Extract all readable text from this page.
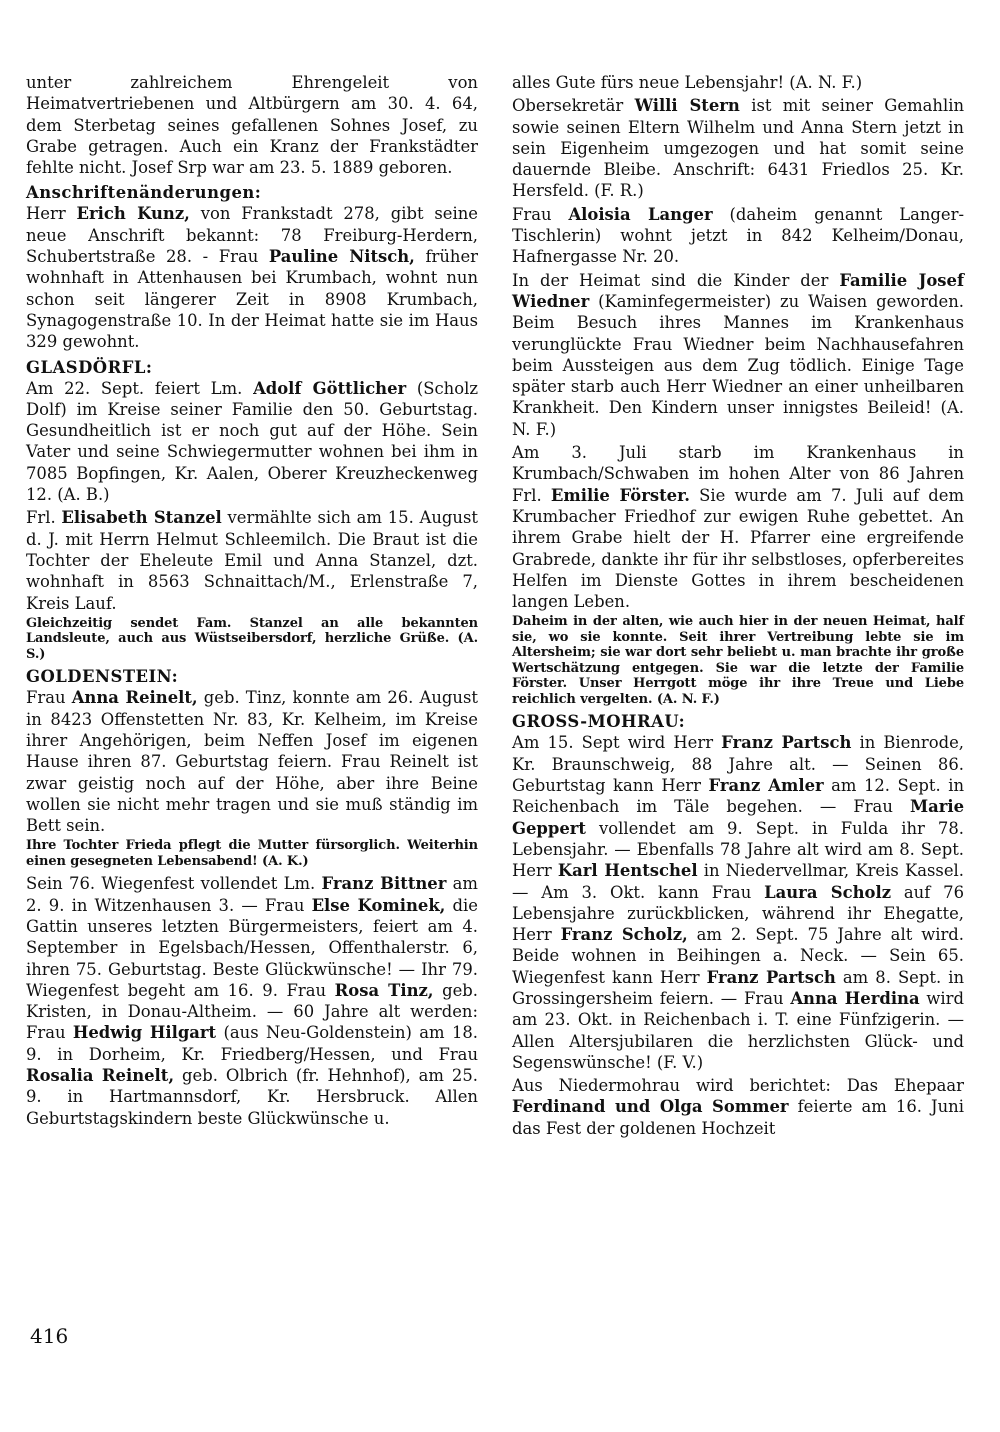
unter zahlreichem Ehrengeleit von Heimatvertriebenen und Altbürgern am 30. 4. 64, dem Sterbetag seines gefallenen Sohnes Josef, zu Grabe getragen. Auch ein Kranz der Frankstädter fehlte nicht. Josef Srp war am 23. 5. 1889 geboren.

Anschriftenänderungen:

Herr Erich Kunz, von Frankstadt 278, gibt seine neue Anschrift bekannt: 78 Freiburg-Herdern, Schubertstraße 28. - Frau Pauline Nitsch, früher wohnhaft in Attenhausen bei Krumbach, wohnt nun schon seit längerer Zeit in 8908 Krumbach, Synagogenstraße 10. In der Heimat hatte sie im Haus 329 gewohnt.

GLASDÖRFL:

Am 22. Sept. feiert Lm. Adolf Göttlicher (Scholz Dolf) im Kreise seiner Familie den 50. Geburtstag. Gesundheitlich ist er noch gut auf der Höhe. Sein Vater und seine Schwiegermutter wohnen bei ihm in 7085 Bopfingen, Kr. Aalen, Oberer Kreuzheckenweg 12. (A. B.)

Frl. Elisabeth Stanzel vermählte sich am 15. August d. J. mit Herrn Helmut Schleemilch. Die Braut ist die Tochter der Eheleute Emil und Anna Stanzel, dzt. wohnhaft in 8563 Schnaittach/M., Erlenstraße 7, Kreis Lauf.

Gleichzeitig sendet Fam. Stanzel an alle bekannten Landsleute, auch aus Wüstseibersdorf, herzliche Grüße. (A. S.)

GOLDENSTEIN:

Frau Anna Reinelt, geb. Tinz, konnte am 26. August in 8423 Offenstetten Nr. 83, Kr. Kelheim, im Kreise ihrer Angehörigen, beim Neffen Josef im eigenen Hause ihren 87. Geburtstag feiern. Frau Reinelt ist zwar geistig noch auf der Höhe, aber ihre Beine wollen sie nicht mehr tragen und sie muß ständig im Bett sein.

Ihre Tochter Frieda pflegt die Mutter fürsorglich. Weiterhin einen gesegneten Lebensabend! (A. K.)

Sein 76. Wiegenfest vollendet Lm. Franz Bittner am 2. 9. in Witzenhausen 3. — Frau Else Kominek, die Gattin unseres letzten Bürgermeisters, feiert am 4. September in Egelsbach/Hessen, Offenthalerstr. 6, ihren 75. Geburtstag. Beste Glückwünsche! — Ihr 79. Wiegenfest begeht am 16. 9. Frau Rosa Tinz, geb. Kristen, in Donau-Altheim. — 60 Jahre alt werden: Frau Hedwig Hilgart (aus Neu-Goldenstein) am 18. 9. in Dorheim, Kr. Friedberg/Hessen, und Frau Rosalia Reinelt, geb. Olbrich (fr. Hehnhof), am 25. 9. in Hartmannsdorf, Kr. Hersbruck. Allen Geburtstagskindern beste Glückwünsche u.

alles Gute fürs neue Lebensjahr! (A. N. F.)

Obersekretär Willi Stern ist mit seiner Gemahlin sowie seinen Eltern Wilhelm und Anna Stern jetzt in sein Eigenheim umgezogen und hat somit seine dauernde Bleibe. Anschrift: 6431 Friedlos 25. Kr. Hersfeld. (F. R.)

Frau Aloisia Langer (daheim genannt Langer-Tischlerin) wohnt jetzt in 842 Kelheim/Donau, Hafnergasse Nr. 20.

In der Heimat sind die Kinder der Familie Josef Wiedner (Kaminfegermeister) zu Waisen geworden. Beim Besuch ihres Mannes im Krankenhaus verunglückte Frau Wiedner beim Nachhausefahren beim Aussteigen aus dem Zug tödlich. Einige Tage später starb auch Herr Wiedner an einer unheilbaren Krankheit. Den Kindern unser innigstes Beileid! (A. N. F.)

Am 3. Juli starb im Krankenhaus in Krumbach/Schwaben im hohen Alter von 86 Jahren Frl. Emilie Förster. Sie wurde am 7. Juli auf dem Krumbacher Friedhof zur ewigen Ruhe gebettet. An ihrem Grabe hielt der H. Pfarrer eine ergreifende Grabrede, dankte ihr für ihr selbstloses, opferbereites Helfen im Dienste Gottes in ihrem bescheidenen langen Leben.

Daheim in der alten, wie auch hier in der neuen Heimat, half sie, wo sie konnte. Seit ihrer Vertreibung lebte sie im Altersheim; sie war dort sehr beliebt u. man brachte ihr große Wertschätzung entgegen. Sie war die letzte der Familie Förster. Unser Herrgott möge ihr ihre Treue und Liebe reichlich vergelten. (A. N. F.)

GROSS-MOHRAU:

Am 15. Sept wird Herr Franz Partsch in Bienrode, Kr. Braunschweig, 88 Jahre alt. — Seinen 86. Geburtstag kann Herr Franz Amler am 12. Sept. in Reichenbach im Täle begehen. — Frau Marie Geppert vollendet am 9. Sept. in Fulda ihr 78. Lebensjahr. — Ebenfalls 78 Jahre alt wird am 8. Sept. Herr Karl Hentschel in Niedervellmar, Kreis Kassel. — Am 3. Okt. kann Frau Laura Scholz auf 76 Lebensjahre zurückblicken, während ihr Ehegatte, Herr Franz Scholz, am 2. Sept. 75 Jahre alt wird. Beide wohnen in Beihingen a. Neck. — Sein 65. Wiegenfest kann Herr Franz Partsch am 8. Sept. in Grossingersheim feiern. — Frau Anna Herdina wird am 23. Okt. in Reichenbach i. T. eine Fünfzigerin. — Allen Altersjubilaren die herzlichsten Glück- und Segenswünsche! (F. V.)

Aus Niedermohrau wird berichtet: Das Ehepaar Ferdinand und Olga Sommer feierte am 16. Juni das Fest der goldenen Hochzeit

416
